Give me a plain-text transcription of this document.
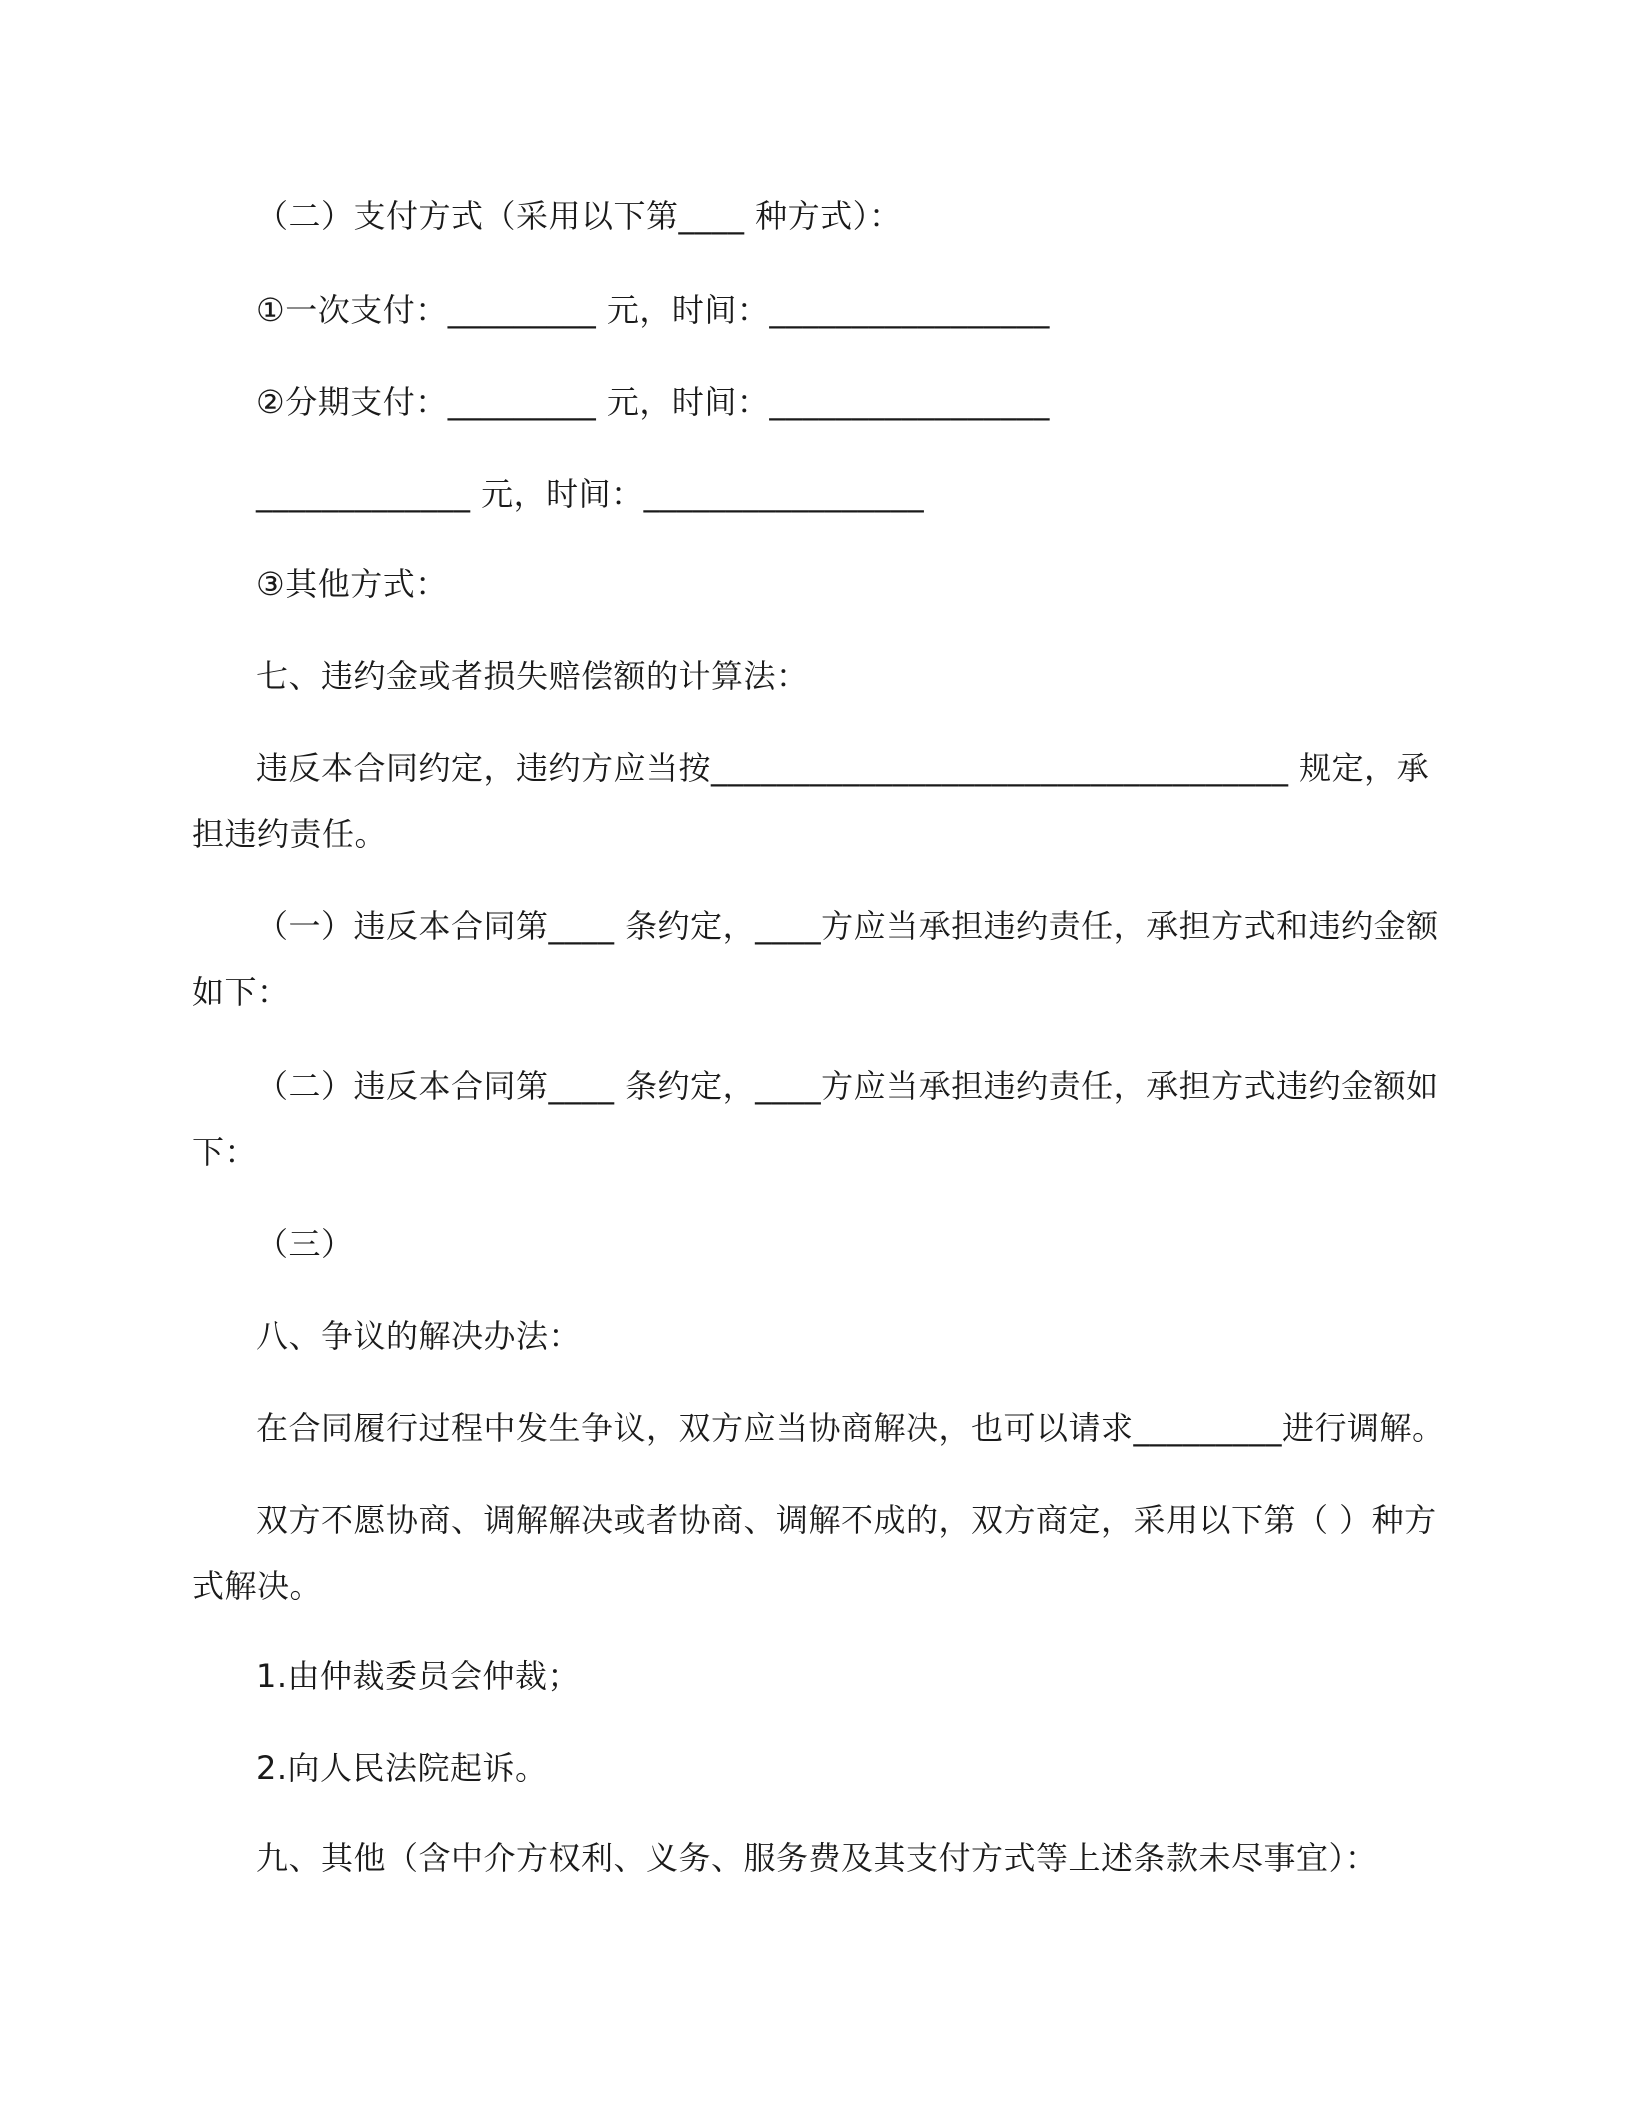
（二）支付方式（采用以下第____ 种方式）：
①一次支付：_________ 元，时间：_________________
②分期支付：_________ 元，时间：_________________
_____________ 元，时间：_________________
③其他方式：
七、违约金或者损失赔偿额的计算法：
违反本合同约定，违约方应当按___________________________________ 规定，承
担违约责任。
（一）违反本合同第____ 条约定，____方应当承担违约责任，承担方式和违约金额
如下：
（二）违反本合同第____ 条约定，____方应当承担违约责任，承担方式违约金额如
下：
（三）
八、争议的解决办法：
在合同履行过程中发生争议，双方应当协商解决，也可以请求_________进行调解。
双方不愿协商、调解解决或者协商、调解不成的，双方商定，采用以下第（ ）种方
式解决。
1.由仲裁委员会仲裁；
2.向人民法院起诉。
九、其他（含中介方权利、义务、服务费及其支付方式等上述条款未尽事宜）：
